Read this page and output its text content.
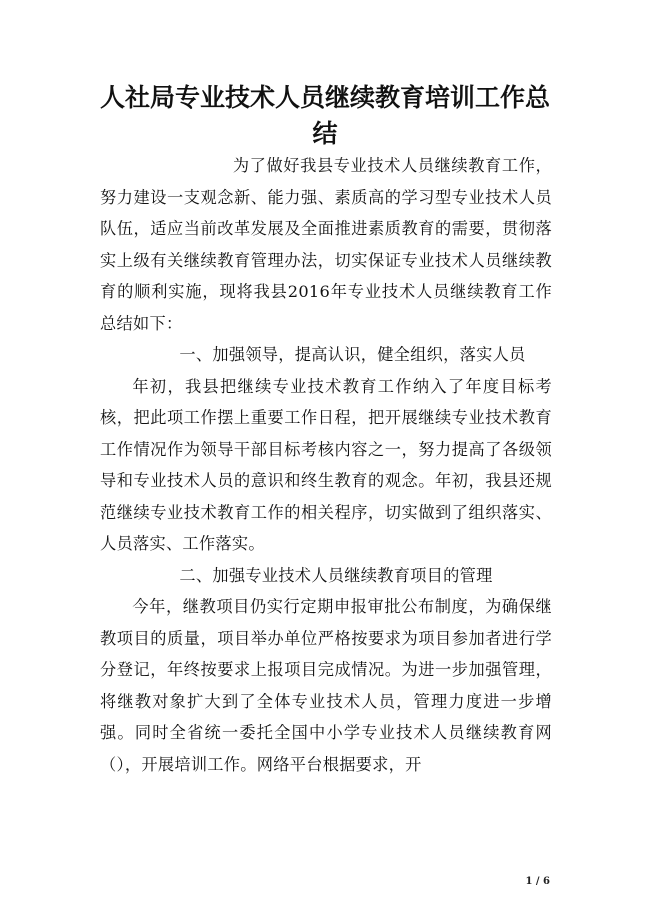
人社局专业技术人员继续教育培训工作总结

为了做好我县专业技术人员继续教育工作，努力建设一支观念新、能力强、素质高的学习型专业技术人员队伍，适应当前改革发展及全面推进素质教育的需要，贯彻落实上级有关继续教育管理办法，切实保证专业技术人员继续教育的顺利实施，现将我县2016年专业技术人员继续教育工作总结如下：

一、加强领导，提高认识，健全组织，落实人员

年初，我县把继续专业技术教育工作纳入了年度目标考核，把此项工作摆上重要工作日程，把开展继续专业技术教育工作情况作为领导干部目标考核内容之一，努力提高了各级领导和专业技术人员的意识和终生教育的观念。年初，我县还规范继续专业技术教育工作的相关程序，切实做到了组织落实、人员落实、工作落实。

二、加强专业技术人员继续教育项目的管理

今年，继教项目仍实行定期申报审批公布制度，为确保继教项目的质量，项目举办单位严格按要求为项目参加者进行学分登记，年终按要求上报项目完成情况。为进一步加强管理，将继教对象扩大到了全体专业技术人员，管理力度进一步增强。同时全省统一委托全国中小学专业技术人员继续教育网（），开展培训工作。网络平台根据要求，开

1 / 6
